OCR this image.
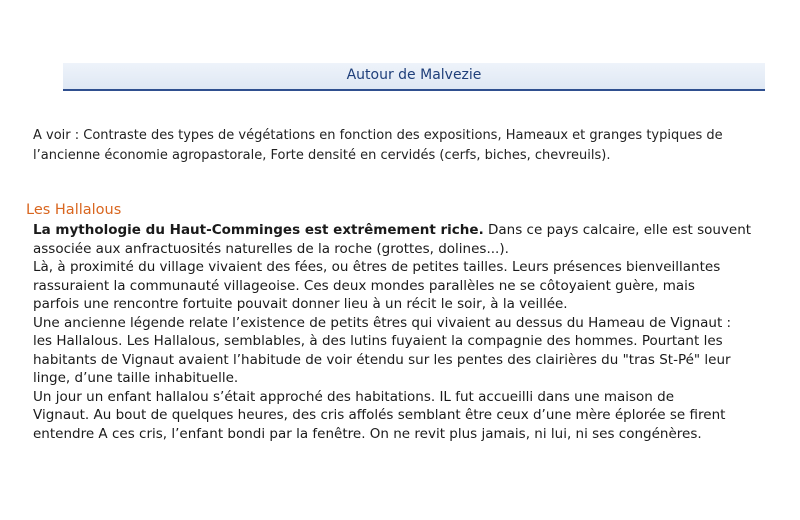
Autour de Malvezie

A voir : Contraste des types de végétations en fonction des expositions, Hameaux et granges typiques de

l’ancienne économie agropastorale, Forte densité en cervidés (cerfs, biches, chevreuils).

Les Hallalous
La mythologie du Haut-Comminges est extrêmement riche. Dans ce pays calcaire, elle est souvent
associée aux anfractuosités naturelles de la roche (grottes, dolines...).
Là, à proximité du village vivaient des fées, ou êtres de petites tailles. Leurs présences bienveillantes
rassuraient la communauté villageoise. Ces deux mondes parallèles ne se côtoyaient guère, mais
parfois une rencontre fortuite pouvait donner lieu à un récit le soir, à la veillée.
Une ancienne légende relate l’existence de petits êtres qui vivaient au dessus du Hameau de Vignaut :
les Hallalous. Les Hallalous, semblables, à des lutins fuyaient la compagnie des hommes. Pourtant les
habitants de Vignaut avaient l’habitude de voir étendu sur les pentes des clairières du "tras St-Pé" leur
linge, d’une taille inhabituelle.
Un jour un enfant hallalou s’était approché des habitations. IL fut accueilli dans une maison de
Vignaut. Au bout de quelques heures, des cris affolés semblant être ceux d’une mère éplorée se firent
entendre A ces cris, l’enfant bondi par la fenêtre. On ne revit plus jamais, ni lui, ni ses congénères.
